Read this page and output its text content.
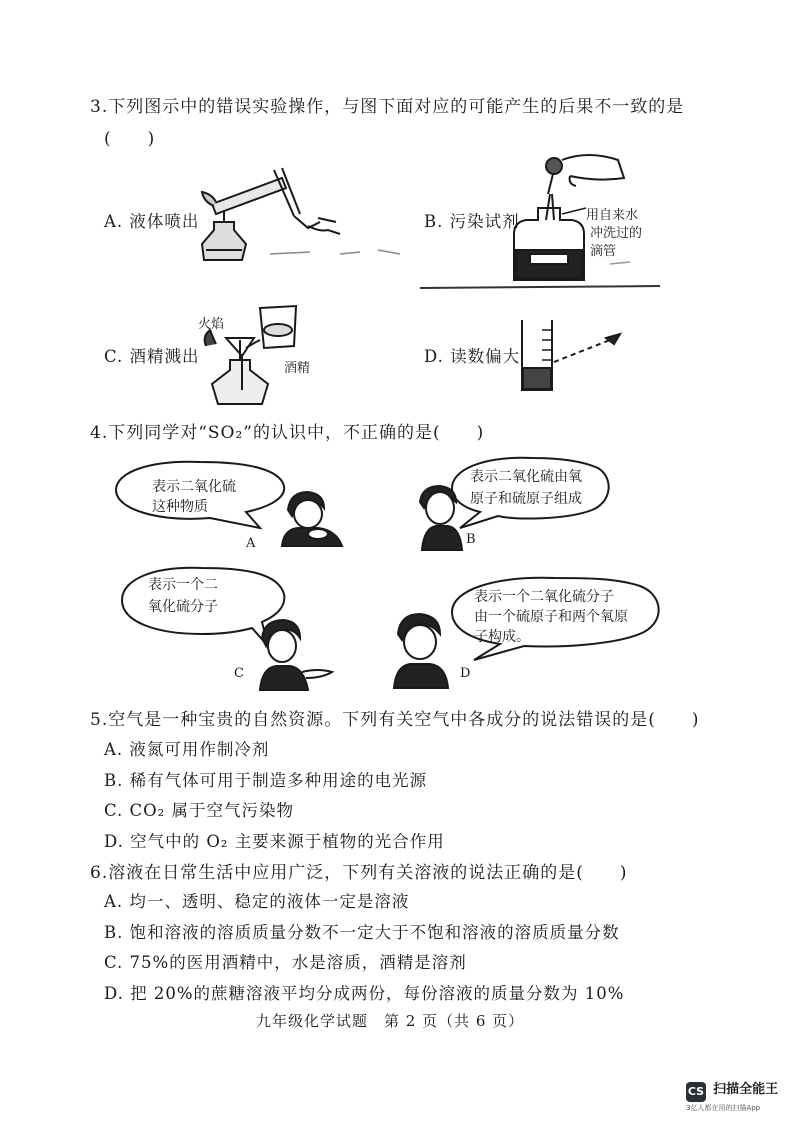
3.下列图示中的错误实验操作，与图下面对应的可能产生的后果不一致的是
(　　)
A. 液体喷出	B. 污染试剂	用自来水
冲洗过的
滴管
火焰
酒精
C. 酒精溅出	D. 读数偏大
4.下列同学对“SO₂”的认识中，不正确的是(　　)
表示二氧化硫
这种物质
A
表示二氧化硫由氧
原子和硫原子组成
B
表示一个二
氧化硫分子
C
表示一个二氧化硫分子
由一个硫原子和两个氧原
子构成。
D
5.空气是一种宝贵的自然资源。下列有关空气中各成分的说法错误的是(　　)
A. 液氮可用作制冷剂
B. 稀有气体可用于制造多种用途的电光源
C. CO₂ 属于空气污染物
D. 空气中的 O₂ 主要来源于植物的光合作用
6.溶液在日常生活中应用广泛，下列有关溶液的说法正确的是(　　)
A. 均一、透明、稳定的液体一定是溶液
B. 饱和溶液的溶质质量分数不一定大于不饱和溶液的溶质质量分数
C. 75%的医用酒精中，水是溶质，酒精是溶剂
D. 把 20%的蔗糖溶液平均分成两份，每份溶液的质量分数为 10%
九年级化学试题　第 2 页（共 6 页）
CS $^{扫描全能王}$
3亿人都在用的扫描App
